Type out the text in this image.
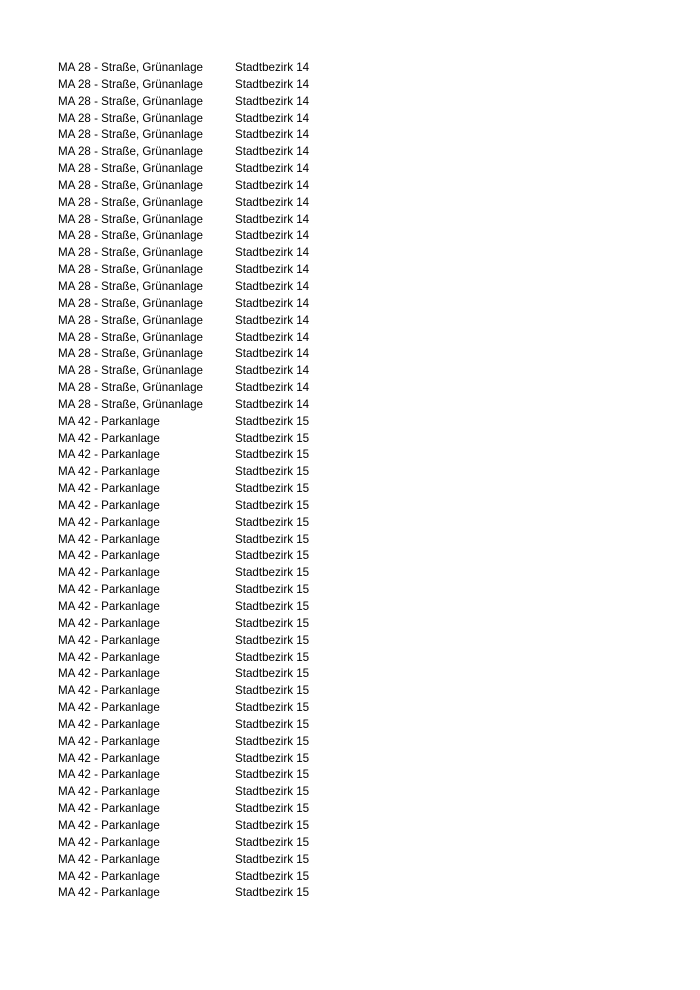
MA 28 - Straße, Grünanlage	Stadtbezirk 14
MA 28 - Straße, Grünanlage	Stadtbezirk 14
MA 28 - Straße, Grünanlage	Stadtbezirk 14
MA 28 - Straße, Grünanlage	Stadtbezirk 14
MA 28 - Straße, Grünanlage	Stadtbezirk 14
MA 28 - Straße, Grünanlage	Stadtbezirk 14
MA 28 - Straße, Grünanlage	Stadtbezirk 14
MA 28 - Straße, Grünanlage	Stadtbezirk 14
MA 28 - Straße, Grünanlage	Stadtbezirk 14
MA 28 - Straße, Grünanlage	Stadtbezirk 14
MA 28 - Straße, Grünanlage	Stadtbezirk 14
MA 28 - Straße, Grünanlage	Stadtbezirk 14
MA 28 - Straße, Grünanlage	Stadtbezirk 14
MA 28 - Straße, Grünanlage	Stadtbezirk 14
MA 28 - Straße, Grünanlage	Stadtbezirk 14
MA 28 - Straße, Grünanlage	Stadtbezirk 14
MA 28 - Straße, Grünanlage	Stadtbezirk 14
MA 28 - Straße, Grünanlage	Stadtbezirk 14
MA 28 - Straße, Grünanlage	Stadtbezirk 14
MA 28 - Straße, Grünanlage	Stadtbezirk 14
MA 28 - Straße, Grünanlage	Stadtbezirk 14
MA 42 - Parkanlage	Stadtbezirk 15
MA 42 - Parkanlage	Stadtbezirk 15
MA 42 - Parkanlage	Stadtbezirk 15
MA 42 - Parkanlage	Stadtbezirk 15
MA 42 - Parkanlage	Stadtbezirk 15
MA 42 - Parkanlage	Stadtbezirk 15
MA 42 - Parkanlage	Stadtbezirk 15
MA 42 - Parkanlage	Stadtbezirk 15
MA 42 - Parkanlage	Stadtbezirk 15
MA 42 - Parkanlage	Stadtbezirk 15
MA 42 - Parkanlage	Stadtbezirk 15
MA 42 - Parkanlage	Stadtbezirk 15
MA 42 - Parkanlage	Stadtbezirk 15
MA 42 - Parkanlage	Stadtbezirk 15
MA 42 - Parkanlage	Stadtbezirk 15
MA 42 - Parkanlage	Stadtbezirk 15
MA 42 - Parkanlage	Stadtbezirk 15
MA 42 - Parkanlage	Stadtbezirk 15
MA 42 - Parkanlage	Stadtbezirk 15
MA 42 - Parkanlage	Stadtbezirk 15
MA 42 - Parkanlage	Stadtbezirk 15
MA 42 - Parkanlage	Stadtbezirk 15
MA 42 - Parkanlage	Stadtbezirk 15
MA 42 - Parkanlage	Stadtbezirk 15
MA 42 - Parkanlage	Stadtbezirk 15
MA 42 - Parkanlage	Stadtbezirk 15
MA 42 - Parkanlage	Stadtbezirk 15
MA 42 - Parkanlage	Stadtbezirk 15
MA 42 - Parkanlage	Stadtbezirk 15
